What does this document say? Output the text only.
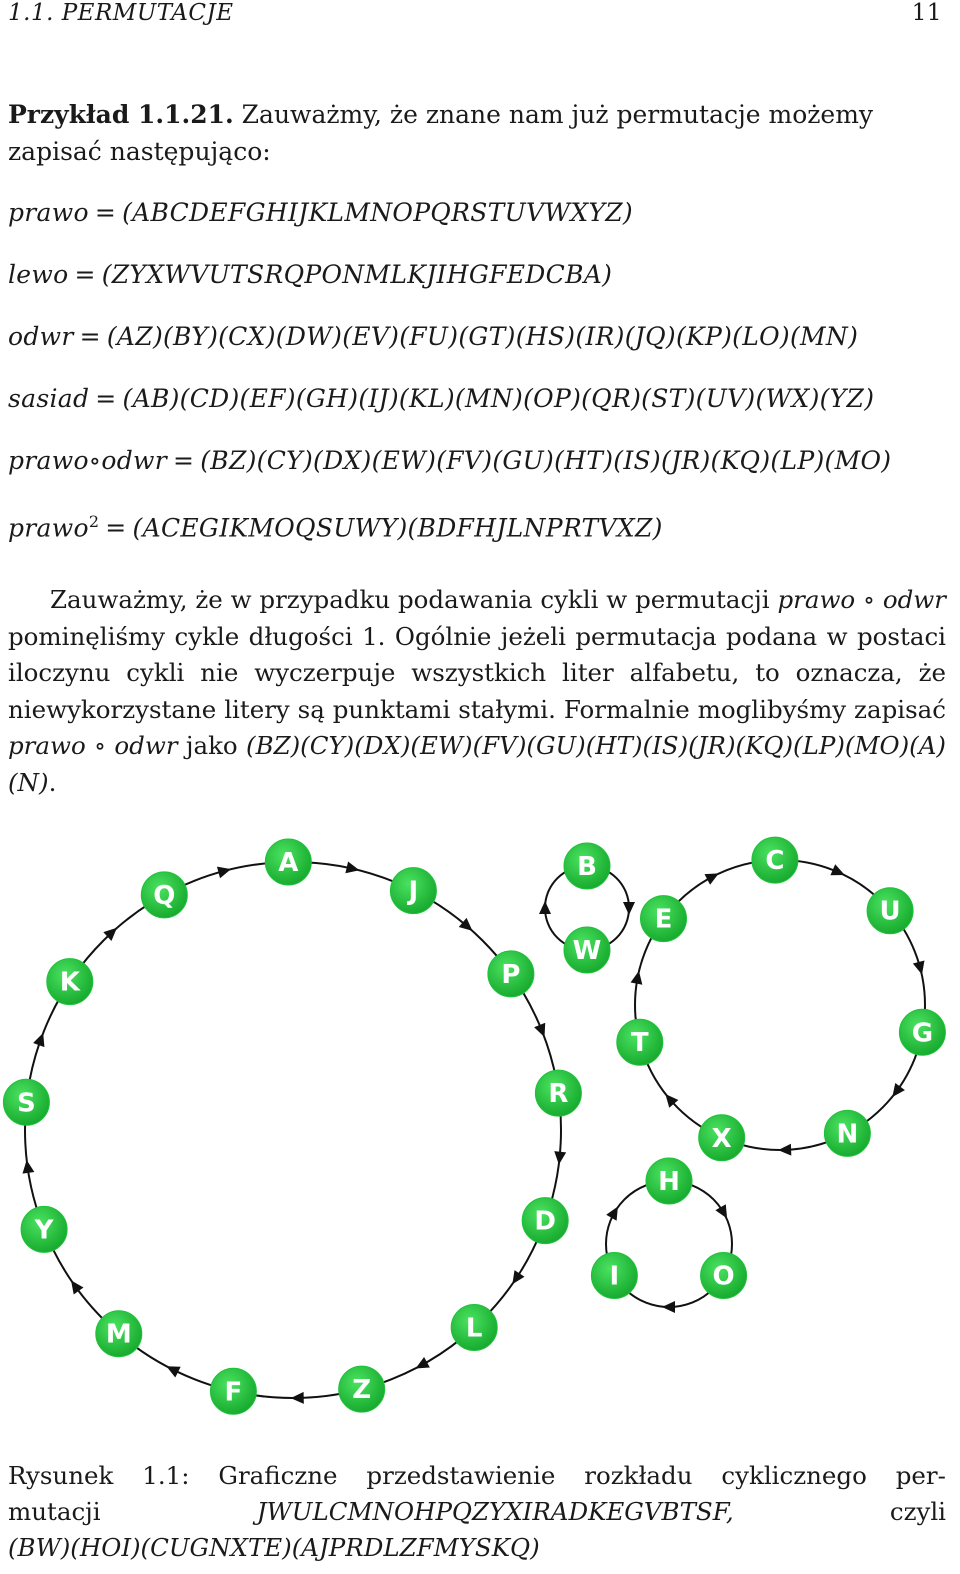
1.1. PERMUTACJE	11
Przykład 1.1.21. Zauważmy, że znane nam już permutacje możemy zapisać następująco:
prawo = (ABCDEFGHIJKLMNOPQRSTUVWXYZ)
lewo = (ZYXWVUTSRQPONMLKJIHGFEDCBA)
odwr = (AZ)(BY)(CX)(DW)(EV)(FU)(GT)(HS)(IR)(JQ)(KP)(LO)(MN)
sasiad = (AB)(CD)(EF)(GH)(IJ)(KL)(MN)(OP)(QR)(ST)(UV)(WX)(YZ)
prawo∘odwr = (BZ)(CY)(DX)(EW)(FV)(GU)(HT)(IS)(JR)(KQ)(LP)(MO)
prawo$^2$ = (ACEGIKMOQSUWY)(BDFHJLNPRTVXZ)
Zauważmy, że w przypadku podawania cykli w permutacji prawo ∘ odwr pominęliśmy cykle długości 1. Ogólnie jeżeli permutacja podana w postaci iloczynu cykli nie wyczerpuje wszystkich liter alfabetu, to oznacza, że niewykorzystane litery są punktami stałymi. Formalnie moglibyśmy zapisać prawo ∘ odwr jako (BZ)(CY)(DX)(EW)(FV)(GU)(HT)(IS)(JR)(KQ)(LP)(MO)(A)(N).
A
J
P
R
D
L
Z
F
M
Y
S
K
Q
B
W
C
U
G
N
X
T
E
H
O
I
Rysunek 1.1: Graficzne przedstawienie rozkładu cyklicznego per-
mutacji	JWULCMNOHPQZYXIRADKEGVBTSF,	czyli
(BW)(HOI)(CUGNXTE)(AJPRDLZFMYSKQ)
